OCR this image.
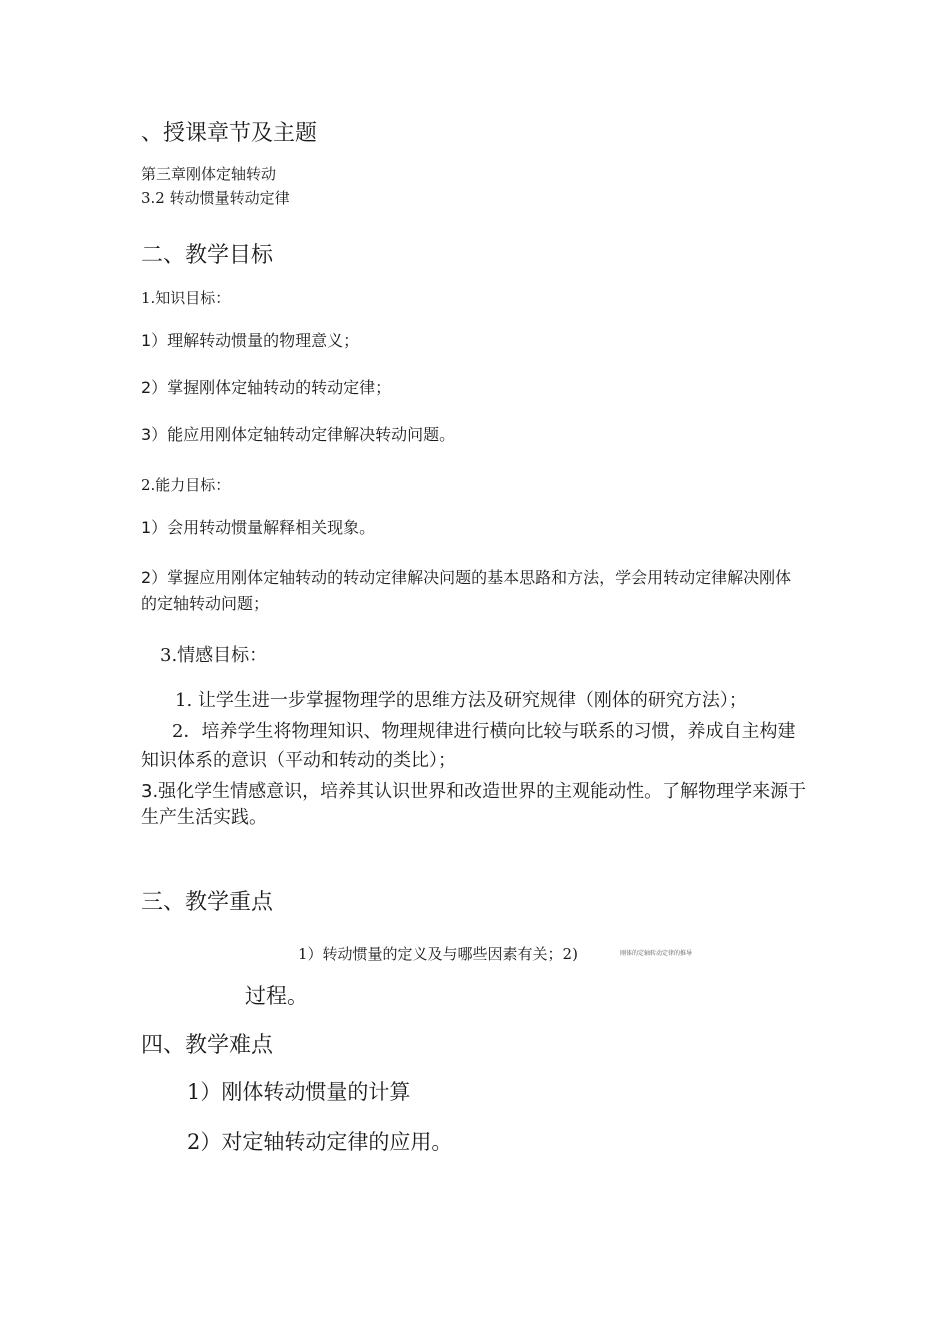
、授课章节及主题

第三章刚体定轴转动

3.2 转动惯量转动定律

二、教学目标

1.知识目标：

1）理解转动惯量的物理意义；

2）掌握刚体定轴转动的转动定律；

3）能应用刚体定轴转动定律解决转动问题。

2.能力目标：

1）会用转动惯量解释相关现象。

2）掌握应用刚体定轴转动的转动定律解决问题的基本思路和方法，学会用转动定律解决刚体

的定轴转动问题；

3.情感目标：

1. 让学生进一步掌握物理学的思维方法及研究规律（刚体的研究方法）；

2．培养学生将物理知识、物理规律进行横向比较与联系的习惯，养成自主构建

知识体系的意识（平动和转动的类比）；

3.强化学生情感意识，培养其认识世界和改造世界的主观能动性。了解物理学来源于

生产生活实践。

三、教学重点

1）转动惯量的定义及与哪些因素有关；2)	刚体的定轴转动定律的推导

过程。

四、教学难点

1）刚体转动惯量的计算

2）对定轴转动定律的应用。
